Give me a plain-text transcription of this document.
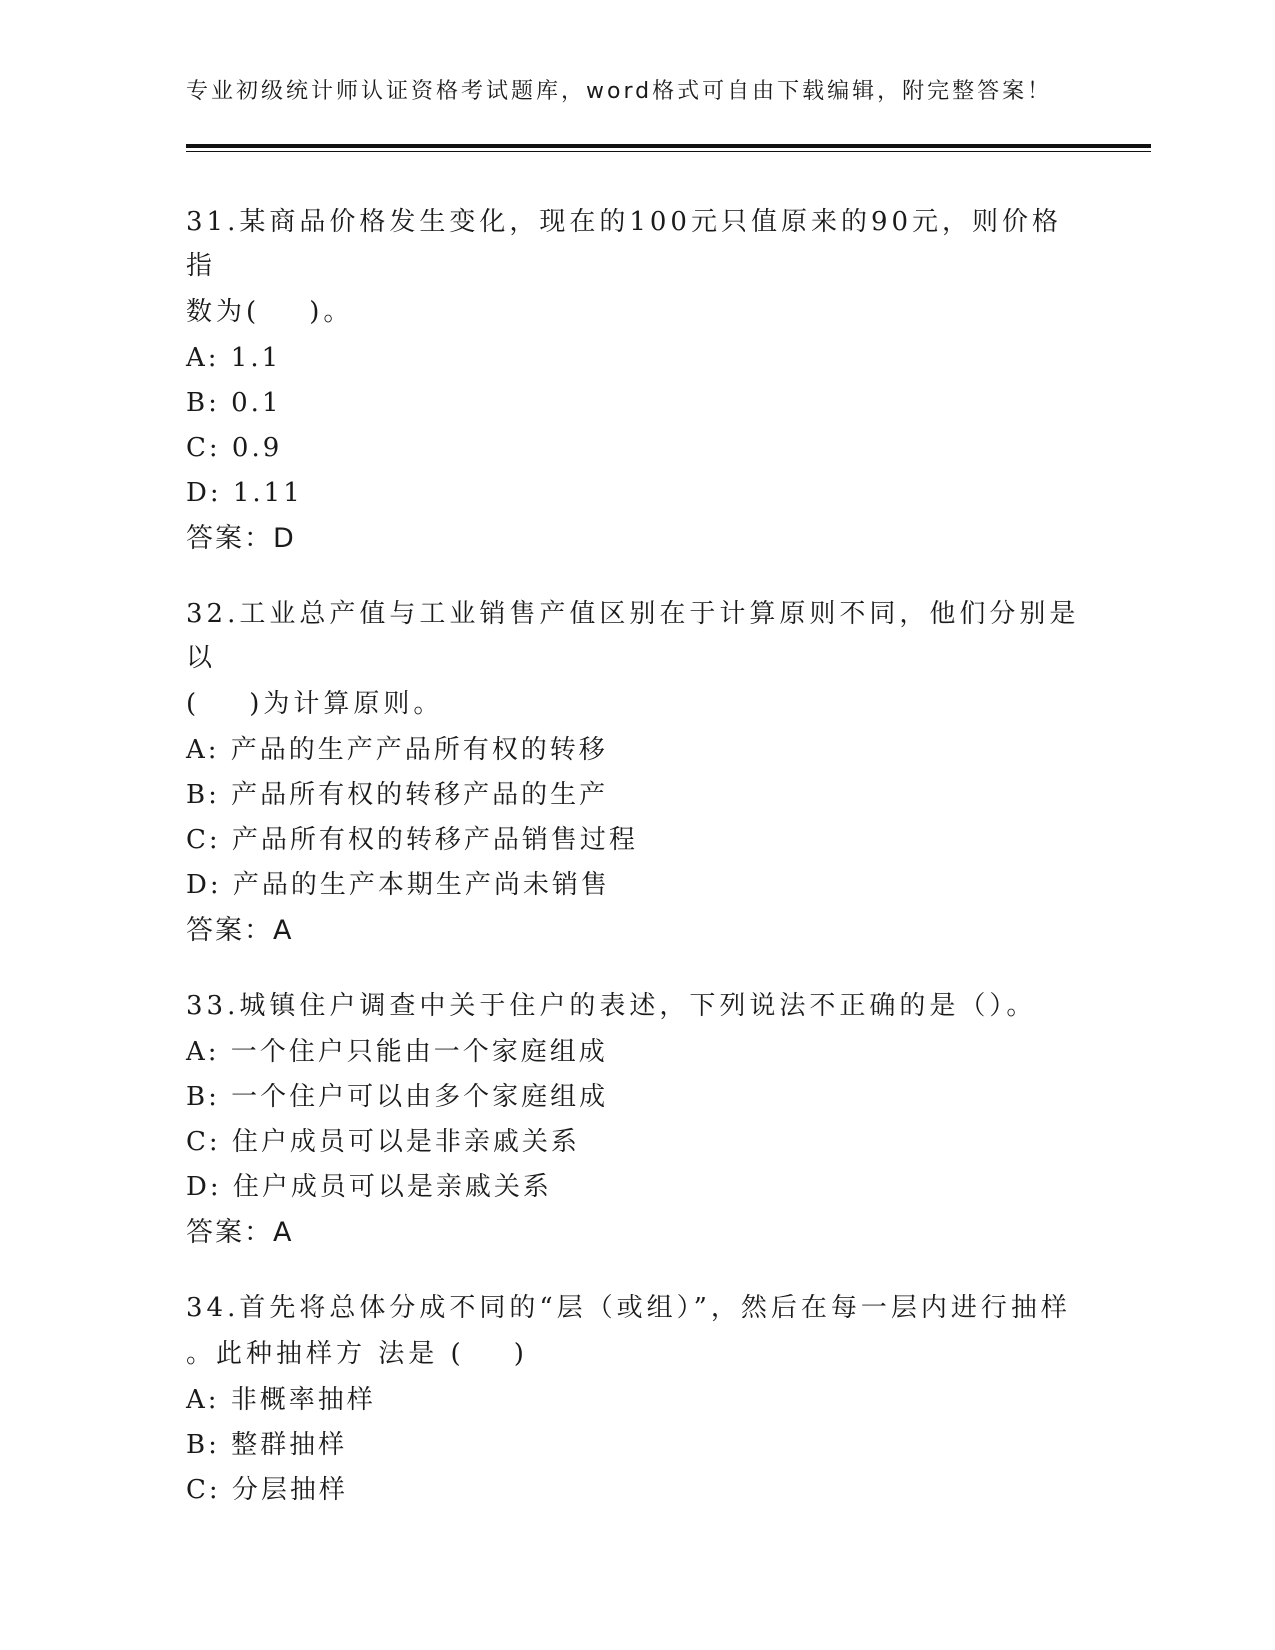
专业初级统计师认证资格考试题库，word格式可自由下载编辑，附完整答案！
31.某商品价格发生变化，现在的100元只值原来的90元，则价格指
数为(    )。
A: 1.1
B: 0.1
C: 0.9
D: 1.11
答案：D
32.工业总产值与工业销售产值区别在于计算原则不同，他们分别是以
(    )为计算原则。
A: 产品的生产产品所有权的转移
B: 产品所有权的转移产品的生产
C: 产品所有权的转移产品销售过程
D: 产品的生产本期生产尚未销售
答案：A
33.城镇住户调查中关于住户的表述，下列说法不正确的是（）。
A: 一个住户只能由一个家庭组成
B: 一个住户可以由多个家庭组成
C: 住户成员可以是非亲戚关系
D: 住户成员可以是亲戚关系
答案：A
34.首先将总体分成不同的“层（或组）”，然后在每一层内进行抽样
。此种抽样方 法是 (    )
A: 非概率抽样
B: 整群抽样
C: 分层抽样
